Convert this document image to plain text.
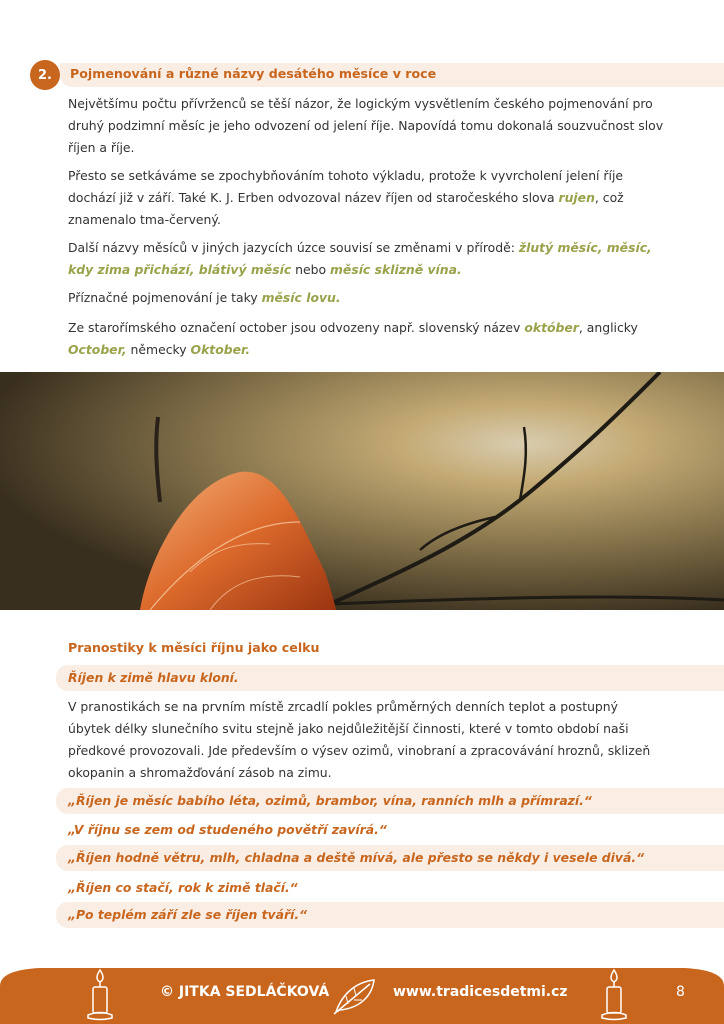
2.	Pojmenování a různé názvy desátého měsíce v roce

Největšímu počtu přívrženců se těší názor, že logickým vysvětlením českého pojmenování pro druhý podzimní měsíc je jeho odvození od jelení říje. Napovídá tomu dokonalá souzvučnost slov říjen a říje.

Přesto se setkáváme se zpochybňováním tohoto výkladu, protože k vyvrcholení jelení říje dochází již v září. Také K. J. Erben odvozoval název říjen od staročeského slova rujen, což znamenalo tma-červený.

Další názvy měsíců v jiných jazycích úzce souvisí se změnami v přírodě: žlutý měsíc, měsíc, kdy zima přichází, blátivý měsíc nebo měsíc sklizně vína.

Příznačné pojmenování je taky měsíc lovu.

Ze starořímského označení october jsou odvozeny např. slovenský název október, anglicky October, německy Oktober.

Pranostiky k měsíci říjnu jako celku
Říjen k zimě hlavu kloní.

V pranostikách se na prvním místě zrcadlí pokles průměrných denních teplot a postupný úbytek délky slunečního svitu stejně jako nejdůležitější činnosti, které v tomto období naši předkové provozovali. Jde především o výsev ozimů, vinobraní a zpracovávání hroznů, sklizeň okopanin a shromažďování zásob na zimu.

„Říjen je měsíc babího léta, ozimů, brambor, vína, ranních mlh a přímrazí.“
„V říjnu se zem od studeného povětří zavírá.“
„Říjen hodně větru, mlh, chladna a deště mívá, ale přesto se někdy i vesele divá.“
„Říjen co stačí, rok k zimě tlačí.“
„Po teplém září zle se říjen tváří.“
© JITKA SEDLÁČKOVÁ	www.tradicesdetmi.cz	8
